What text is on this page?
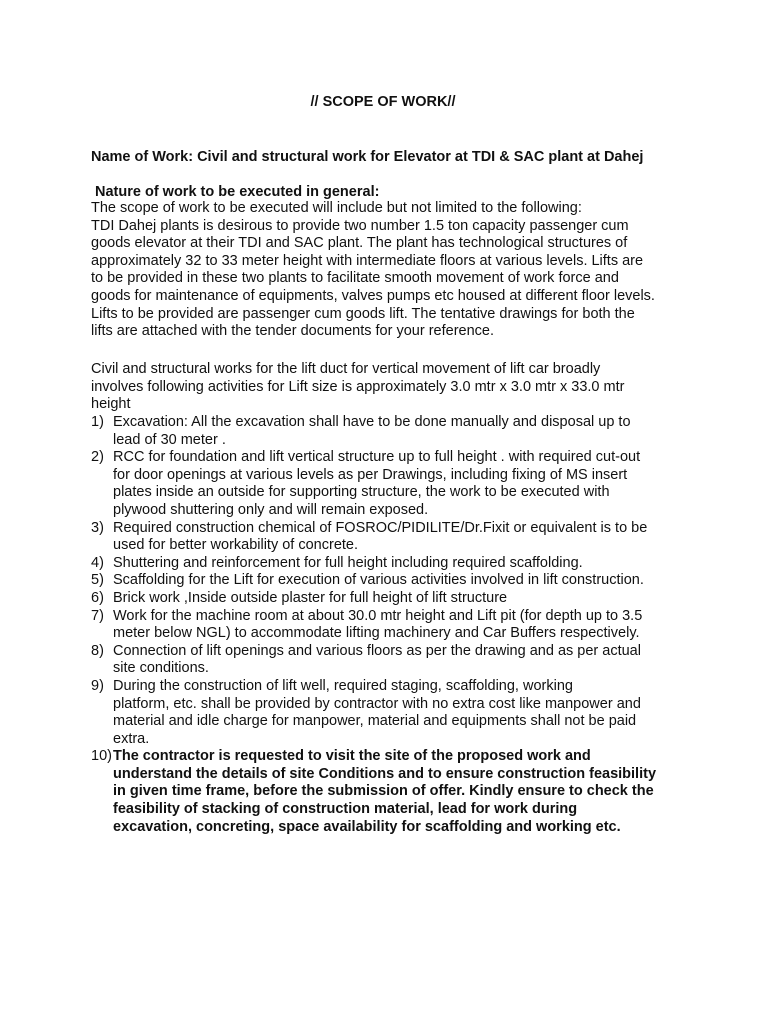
// SCOPE OF WORK//
Name of Work: Civil and structural work for Elevator at TDI & SAC plant at Dahej
Nature of work to be executed in general:
The scope of work to be executed will include but not limited to the following:
TDI Dahej plants is desirous to provide two number 1.5 ton capacity passenger cum
goods elevator at their TDI and SAC plant. The plant has technological structures of
approximately 32 to 33 meter height with intermediate floors at various levels. Lifts are
to be provided in these two plants to facilitate smooth movement of work force and
goods for maintenance of equipments, valves pumps etc housed at different floor levels.
Lifts to be provided are passenger cum goods lift. The tentative drawings for both the
lifts are attached with the tender documents for your reference.
Civil and structural works for the lift duct for vertical movement of lift car broadly
involves following activities for Lift size is approximately 3.0 mtr x 3.0 mtr x 33.0 mtr
height
1) Excavation: All the excavation shall have to be done manually and disposal up to
lead of 30 meter .
2) RCC for foundation and lift vertical structure up to full height . with required cut-out
for door openings at various levels as per Drawings, including fixing of MS insert
plates inside an outside for supporting structure, the work to be executed with
plywood shuttering only and will remain exposed.
3) Required construction chemical of FOSROC/PIDILITE/Dr.Fixit or equivalent is to be
used for better workability of concrete.
4) Shuttering and reinforcement for full height including required scaffolding.
5) Scaffolding for the Lift for execution of various activities involved in lift construction.
6) Brick work ,Inside outside plaster for full height of lift structure
7) Work for the machine room at about 30.0 mtr height and Lift pit (for depth up to 3.5
meter below NGL) to accommodate lifting machinery and Car Buffers respectively.
8) Connection of lift openings and various floors as per the drawing and as per actual
site conditions.
9) During the construction of lift well, required staging, scaffolding, working
platform, etc. shall be provided by contractor with no extra cost like manpower and
material and idle charge for manpower, material and equipments shall not be paid
extra.
10) The contractor is requested to visit the site of the proposed work and
understand the details of site Conditions and to ensure construction feasibility
in given time frame, before the submission of offer. Kindly ensure to check the
feasibility of stacking of construction material, lead for work during
excavation, concreting, space availability for scaffolding and working etc.
